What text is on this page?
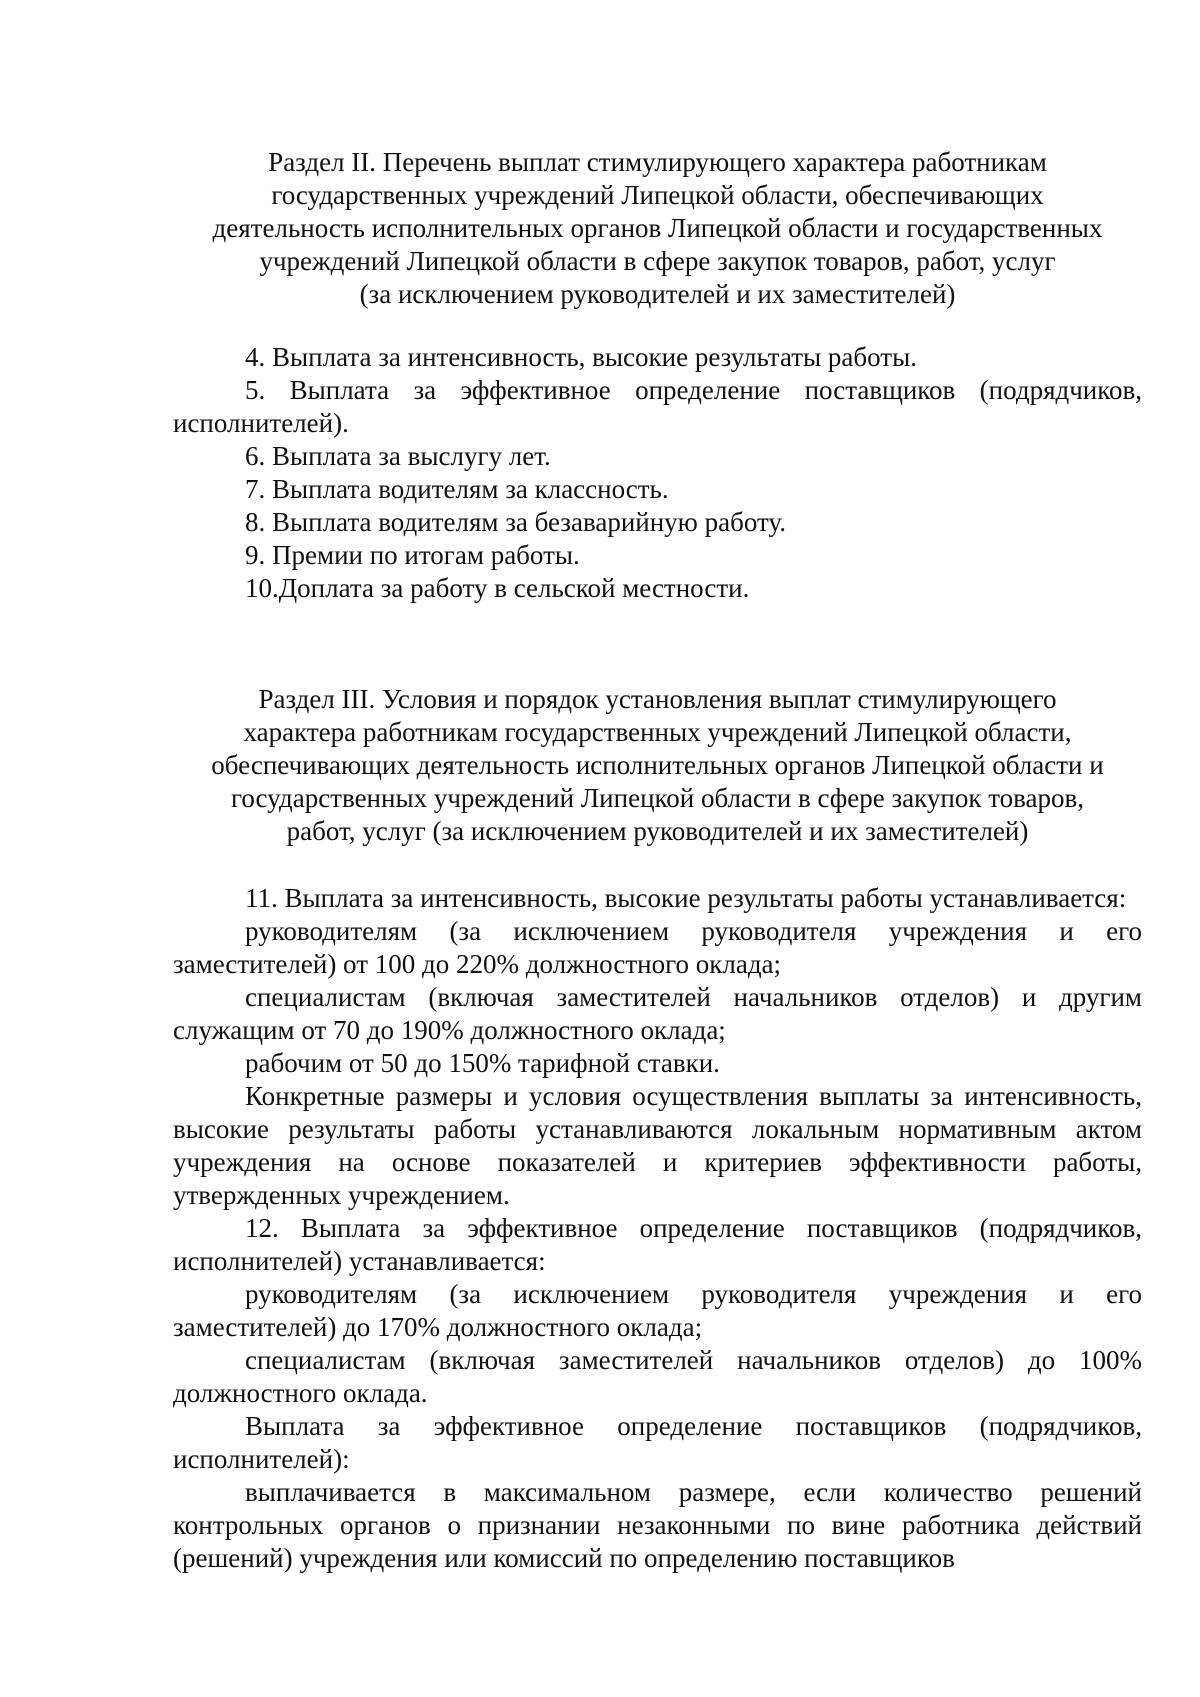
Раздел II. Перечень выплат стимулирующего характера работникам
государственных учреждений Липецкой области, обеспечивающих
деятельность исполнительных органов Липецкой области и государственных
учреждений Липецкой области в сфере закупок товаров, работ, услуг
(за исключением руководителей и их заместителей)

4. Выплата за интенсивность, высокие результаты работы.

5. Выплата за эффективное определение поставщиков (подрядчиков, исполнителей).

6. Выплата за выслугу лет.

7. Выплата водителям за классность.

8. Выплата водителям за безаварийную работу.

9. Премии по итогам работы.

10.Доплата за работу в сельской местности.

Раздел III. Условия и порядок установления выплат стимулирующего
характера работникам государственных учреждений Липецкой области,
обеспечивающих деятельность исполнительных органов Липецкой области и
государственных учреждений Липецкой области в сфере закупок товаров,
работ, услуг (за исключением руководителей и их заместителей)

11. Выплата за интенсивность, высокие результаты работы устанавливается:

руководителям (за исключением руководителя учреждения и его заместителей) от 100 до 220% должностного оклада;

специалистам (включая заместителей начальников отделов) и другим служащим от 70 до 190% должностного оклада;

рабочим от 50 до 150% тарифной ставки.

Конкретные размеры и условия осуществления выплаты за интенсивность, высокие результаты работы устанавливаются локальным нормативным актом учреждения на основе показателей и критериев эффективности работы, утвержденных учреждением.

12. Выплата за эффективное определение поставщиков (подрядчиков, исполнителей) устанавливается:

руководителям (за исключением руководителя учреждения и его заместителей) до 170% должностного оклада;

специалистам (включая заместителей начальников отделов) до 100% должностного оклада.

Выплата за эффективное определение поставщиков (подрядчиков, исполнителей):

выплачивается в максимальном размере, если количество решений контрольных органов о признании незаконными по вине работника действий (решений) учреждения или комиссий по определению поставщиков
